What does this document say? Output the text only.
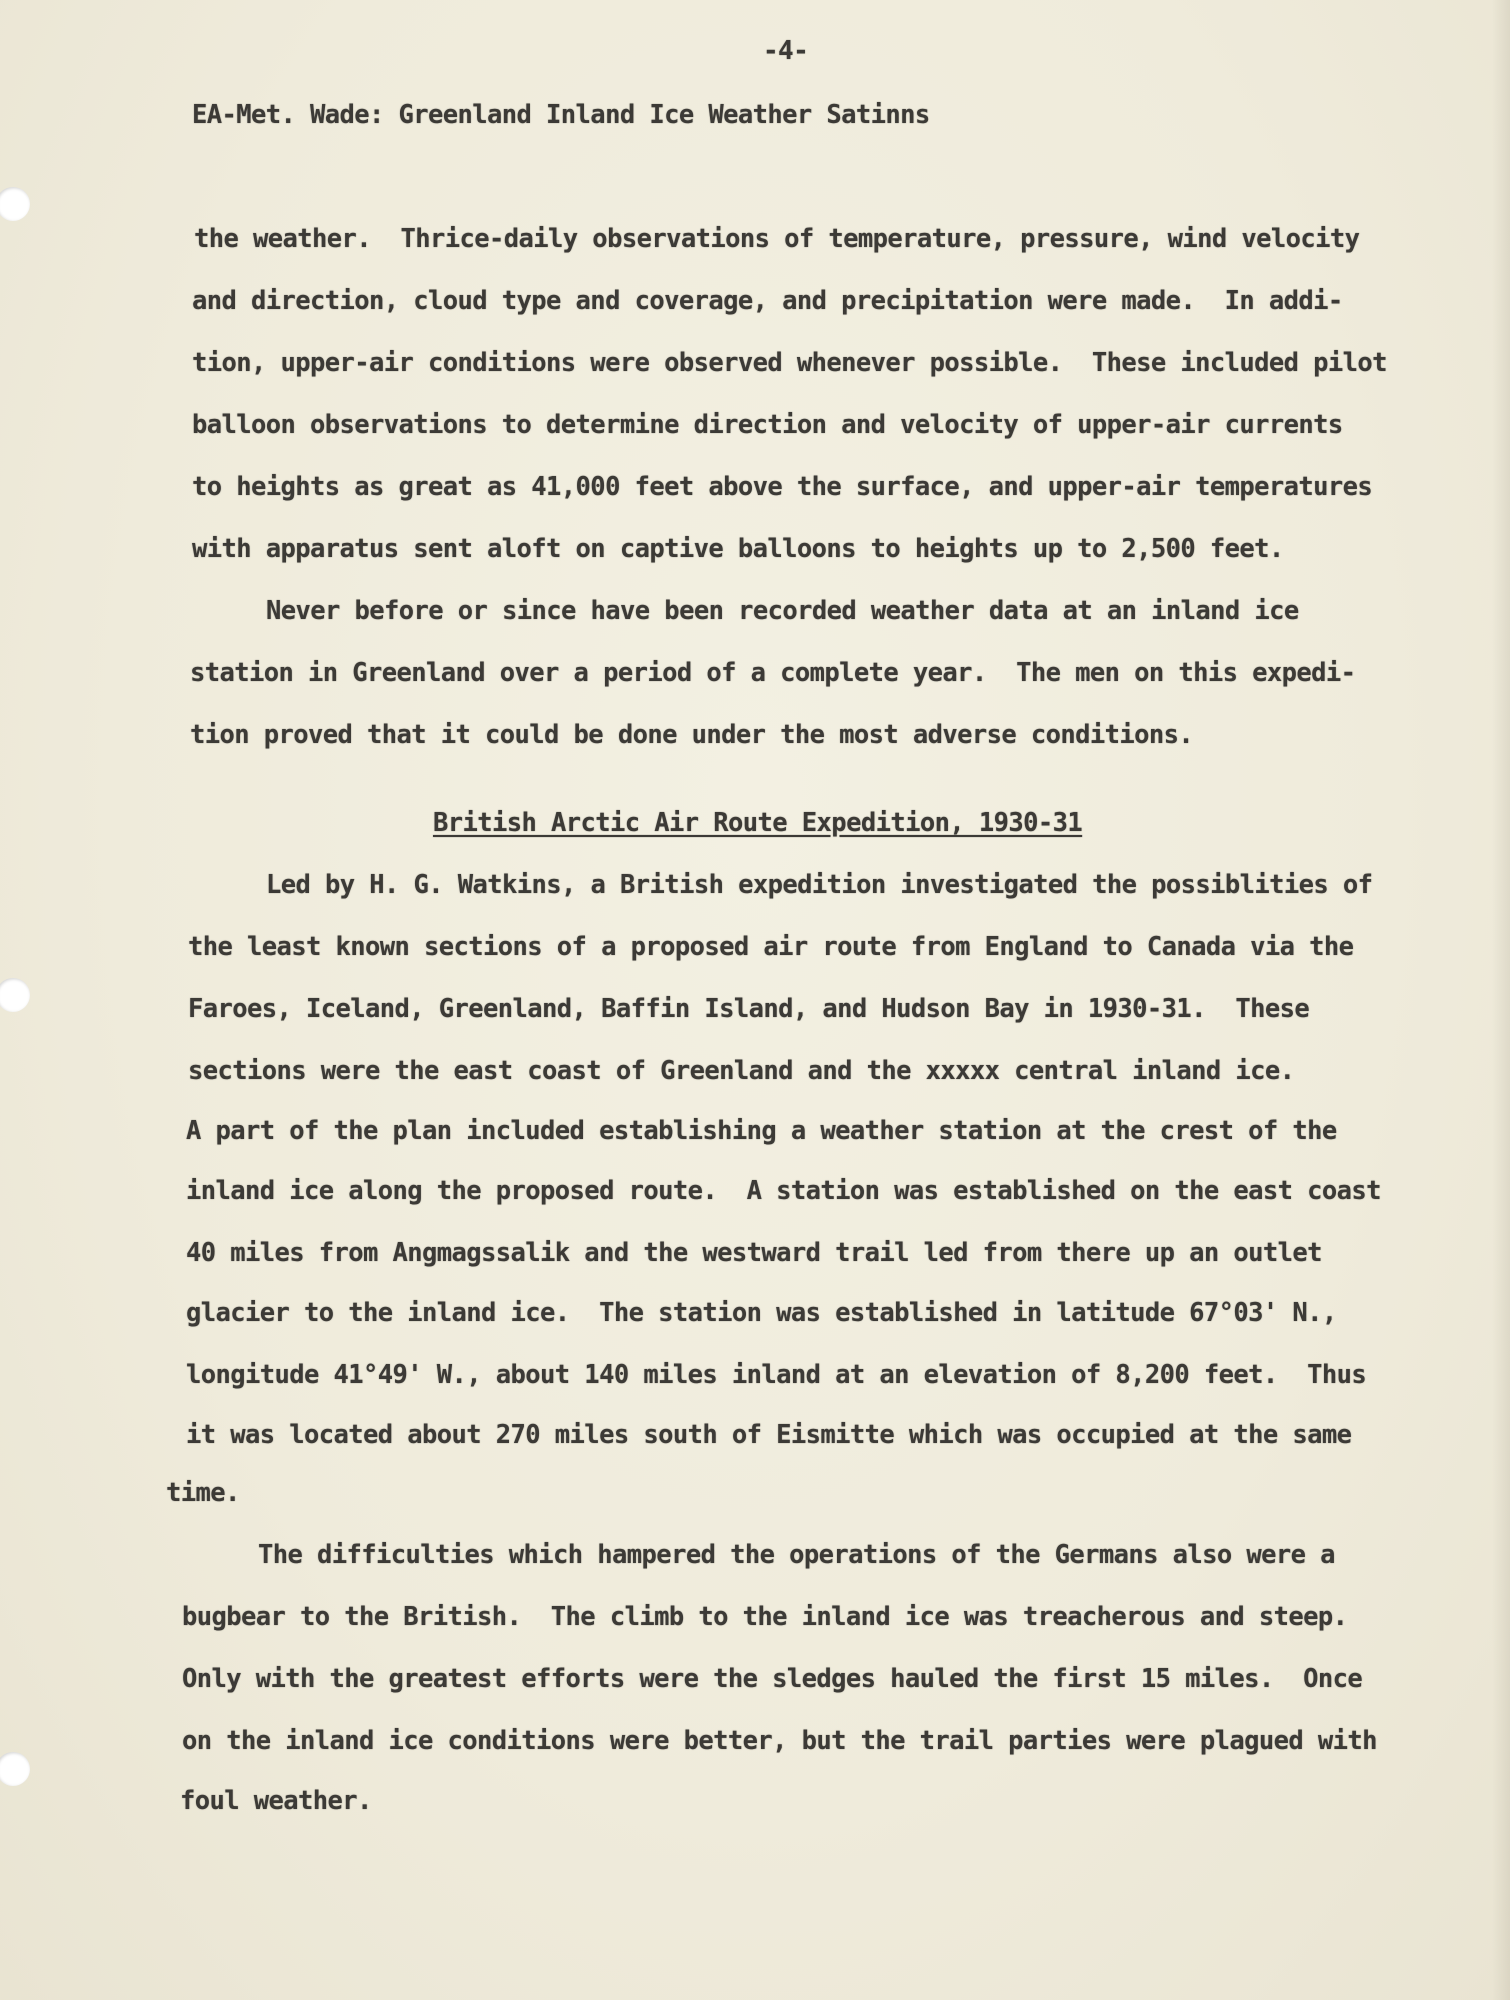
-4-
EA-Met. Wade: Greenland Inland Ice Weather Satinns
the weather.  Thrice-daily observations of temperature, pressure, wind velocity
and direction, cloud type and coverage, and precipitation were made.  In addi-
tion, upper-air conditions were observed whenever possible.  These included pilot
balloon observations to determine direction and velocity of upper-air currents
to heights as great as 41,000 feet above the surface, and upper-air temperatures
with apparatus sent aloft on captive balloons to heights up to 2,500 feet.
Never before or since have been recorded weather data at an inland ice
station in Greenland over a period of a complete year.  The men on this expedi-
tion proved that it could be done under the most adverse conditions.
British Arctic Air Route Expedition, 1930-31
Led by H. G. Watkins, a British expedition investigated the possiblities of
the least known sections of a proposed air route from England to Canada via the
Faroes, Iceland, Greenland, Baffin Island, and Hudson Bay in 1930-31.  These
sections were the east coast of Greenland and the xxxxx central inland ice.
A part of the plan included establishing a weather station at the crest of the
inland ice along the proposed route.  A station was established on the east coast
40 miles from Angmagssalik and the westward trail led from there up an outlet
glacier to the inland ice.  The station was established in latitude 67°03' N.,
longitude 41°49' W., about 140 miles inland at an elevation of 8,200 feet.  Thus
it was located about 270 miles south of Eismitte which was occupied at the same
time.
The difficulties which hampered the operations of the Germans also were a
bugbear to the British.  The climb to the inland ice was treacherous and steep.
Only with the greatest efforts were the sledges hauled the first 15 miles.  Once
on the inland ice conditions were better, but the trail parties were plagued with
foul weather.
